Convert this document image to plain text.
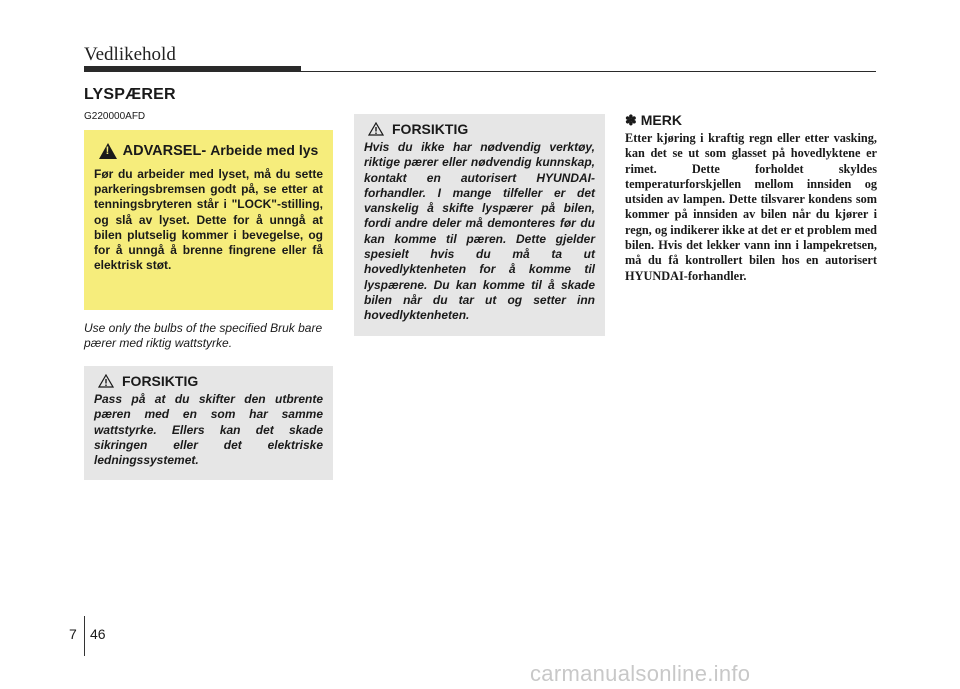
Vedlikehold
LYSPÆRER
G220000AFD
! ADVARSEL- Arbeide med lys
Før du arbeider med lyset, må du sette parkeringsbremsen godt på, se etter at tenningsbryteren står i "LOCK"-stilling, og slå av lyset. Dette for å unngå at bilen plutselig kommer i bevegelse, og for å unngå å brenne fingrene eller få elektrisk støt.
Use only the bulbs of the specified Bruk bare pærer med riktig wattstyrke.
FORSIKTIG
Pass på at du skifter den utbrente pæren med en som har samme wattstyrke. Ellers kan det skade sikringen eller det elektriske ledningssystemet.
FORSIKTIG
Hvis du ikke har nødvendig verktøy, riktige pærer eller nødvendig kunnskap, kontakt en autorisert HYUNDAI-forhandler. I mange tilfeller er det vanskelig å skifte lyspærer på bilen, fordi andre deler må demonteres før du kan komme til pæren. Dette gjelder spesielt hvis du må ta ut hovedlyktenheten for å komme til lyspærene. Du kan komme til å skade bilen når du tar ut og setter inn hovedlyktenheten.
✽ MERK
Etter kjøring i kraftig regn eller etter vasking, kan det se ut som glasset på hovedlyktene er rimet. Dette forholdet skyldes temperaturforskjellen mellom innsiden og utsiden av lampen. Dette tilsvarer kondens som kommer på innsiden av bilen når du kjører i regn, og indikerer ikke at det er et problem med bilen. Hvis det lekker vann inn i lampekretsen, må du få kontrollert bilen hos en autorisert HYUNDAI-forhandler.
7 46
carmanualsonline.info
